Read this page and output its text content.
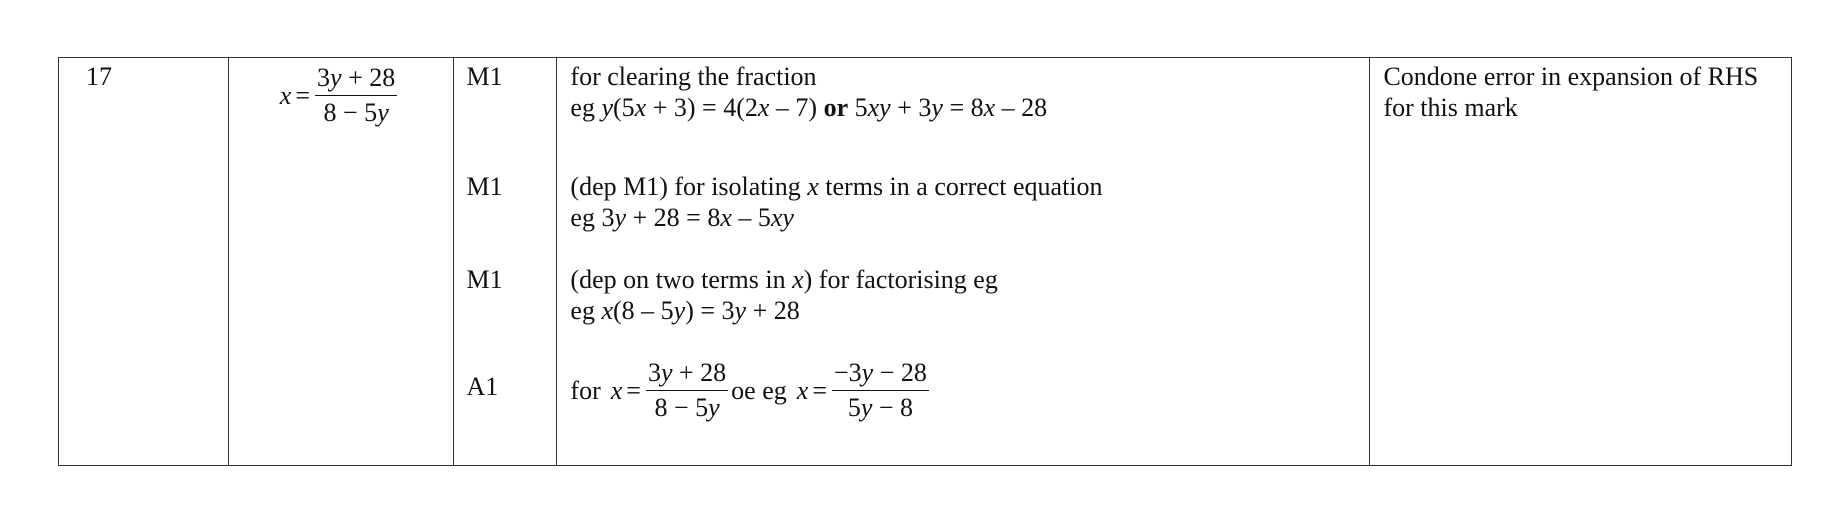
17
$x = \frac{3y + 28}{8 - 5y}$	M1
M1
M1
A1
for clearing the fraction
eg y(5x + 3) = 4(2x – 7) or 5xy + 3y = 8x – 28
(dep M1) for isolating x terms in a correct equation
eg 3y + 28 = 8x – 5xy
(dep on two terms in x) for factorising eg
eg x(8 – 5y) = 3y + 28
for $x = \frac{3y + 28}{8 - 5y}$ oe eg $x = \frac{-3y - 28}{5y - 8}$
Condone error in expansion of RHS
for this mark
